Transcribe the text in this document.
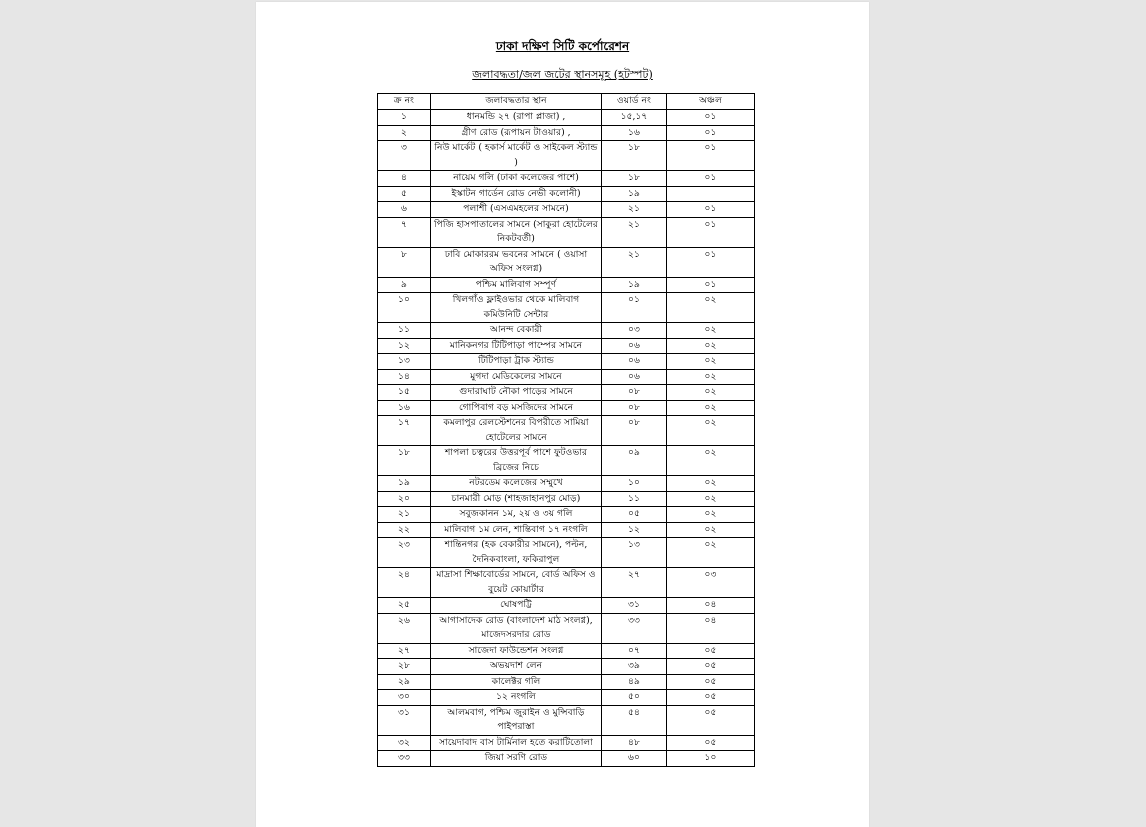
ঢাকা দক্ষিণ সিটি কর্পোরেশন
জলাবদ্ধতা/জল জটের স্থানসমূহ (হটস্পট)
ক্র নং	জলাবদ্ধতার স্থান	ওয়ার্ড নং	অঞ্চল
১	ধানমন্ডি ২৭ (রাপা প্লাজা) ,	১৫,১৭	০১
২	গ্রীণ রোড (রূপায়ন টাওয়ার) ,	১৬	০১
৩	নিউ মার্কেট ( হকার্স মার্কেট ও সাইকেল স্ট্যান্ড )	১৮	০১
৪	নায়েম গলি (ঢাকা কলেজের পাশে)	১৮	০১
৫	ইস্কাটন গার্ডেন রোড নেভী কলোনী)	১৯	
৬	পলাশী (এসএমহলের সামনে)	২১	০১
৭	পিজি হাসপাতালের সামনে (সাকুরা হোটেলের নিকটবর্তী)	২১	০১
৮	ঢাবি মোকাররম ভবনের সামনে ( ওয়াসা অফিস সংলগ্ন)	২১	০১
৯	পশ্চিম মালিবাগ সম্পূর্ণ	১৯	০১
১০	খিলগাঁও ফ্লাইওভার থেকে মালিবাগ কমিউনিটি সেন্টার	০১	০২
১১	আনন্দ বেকারী	০৩	০২
১২	মানিকনগর টিটিপাড়া পাম্পের সামনে	০৬	০২
১৩	টিটিপাড়া ট্রাক স্ট্যান্ড	০৬	০২
১৪	মুগদা মেডিকেলের সামনে	০৬	০২
১৫	গুদারাঘাট নৌকা পাড়ের সামনে	০৮	০২
১৬	গোপিবাগ বড় মসজিদের সামনে	০৮	০২
১৭	কমলাপুর রেলস্টেশনের বিপরীতে সামিয়া হোটেলের সামনে	০৮	০২
১৮	শাপলা চত্বরের উত্তরপূর্ব পাশে ফুটওভার ব্রিজের নিচে	০৯	০২
১৯	নটরডেম কলেজের সম্মুখে	১০	০২
২০	চানমারী মোড় (শাহজাহানপুর মোড়)	১১	০২
২১	সবুজকানন ১ম, ২য় ও ৩য় গলি	০৫	০২
২২	মালিবাগ ১ম লেন, শান্তিবাগ ১৭ নংগলি	১২	০২
২৩	শান্তিনগর (হক বেকারীর সামনে), পল্টন, দৈনিকবাংলা, ফকিরাপুল	১৩	০২
২৪	মাদ্রাসা শিক্ষাবোর্ডের সামনে, বোর্ড অফিস ও বুয়েট কোয়ার্টার	২৭	০৩
২৫	ঘোষপট্টি	৩১	০৪
২৬	আগাসাদেক রোড (বাংলাদেশ মাঠ সংলগ্ন), মাজেদসরদার রোড	৩৩	০৪
২৭	সাজেদা ফাউন্ডেশন সংলগ্ন	০৭	০৫
২৮	অভয়দাশ লেন	৩৯	০৫
২৯	কালেক্টর গলি	৪৯	০৫
৩০	১২ নংগলি	৫০	০৫
৩১	আলমবাগ, পশ্চিম জুরাইন ও মুন্সিবাড়ি পাইপরাস্তা	৫৪	০৫
৩২	সায়েদাবাদ বাস টার্মিনাল হতে করাটিতোলা	৪৮	০৫
৩৩	জিয়া সরণি রোড	৬০	১০
